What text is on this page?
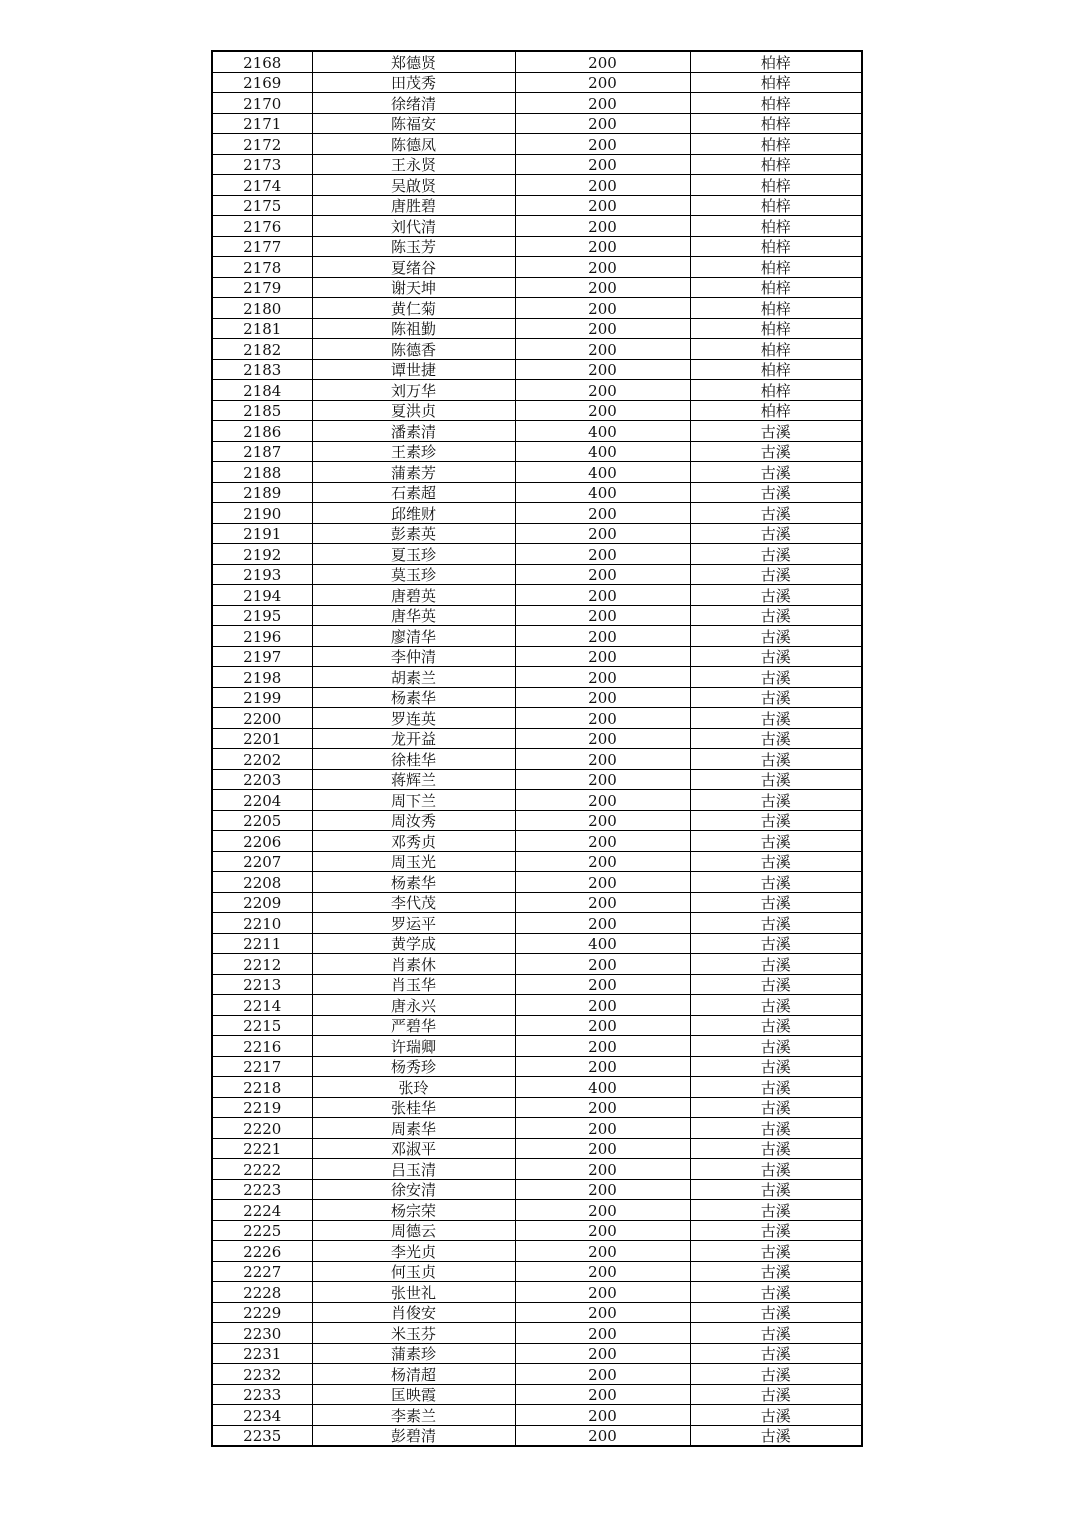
2168	郑德贤	200	柏梓
2169	田茂秀	200	柏梓
2170	徐绪清	200	柏梓
2171	陈福安	200	柏梓
2172	陈德凤	200	柏梓
2173	王永贤	200	柏梓
2174	吴啟贤	200	柏梓
2175	唐胜碧	200	柏梓
2176	刘代清	200	柏梓
2177	陈玉芳	200	柏梓
2178	夏绪谷	200	柏梓
2179	谢天坤	200	柏梓
2180	黄仁菊	200	柏梓
2181	陈祖勤	200	柏梓
2182	陈德香	200	柏梓
2183	谭世捷	200	柏梓
2184	刘万华	200	柏梓
2185	夏洪贞	200	柏梓
2186	潘素清	400	古溪
2187	王素珍	400	古溪
2188	蒲素芳	400	古溪
2189	石素超	400	古溪
2190	邱维财	200	古溪
2191	彭素英	200	古溪
2192	夏玉珍	200	古溪
2193	莫玉珍	200	古溪
2194	唐碧英	200	古溪
2195	唐华英	200	古溪
2196	廖清华	200	古溪
2197	李仲清	200	古溪
2198	胡素兰	200	古溪
2199	杨素华	200	古溪
2200	罗连英	200	古溪
2201	龙开益	200	古溪
2202	徐桂华	200	古溪
2203	蒋辉兰	200	古溪
2204	周下兰	200	古溪
2205	周汝秀	200	古溪
2206	邓秀贞	200	古溪
2207	周玉光	200	古溪
2208	杨素华	200	古溪
2209	李代茂	200	古溪
2210	罗运平	200	古溪
2211	黄学成	400	古溪
2212	肖素休	200	古溪
2213	肖玉华	200	古溪
2214	唐永兴	200	古溪
2215	严碧华	200	古溪
2216	许瑞卿	200	古溪
2217	杨秀珍	200	古溪
2218	张玲	400	古溪
2219	张桂华	200	古溪
2220	周素华	200	古溪
2221	邓淑平	200	古溪
2222	吕玉清	200	古溪
2223	徐安清	200	古溪
2224	杨宗荣	200	古溪
2225	周德云	200	古溪
2226	李光贞	200	古溪
2227	何玉贞	200	古溪
2228	张世礼	200	古溪
2229	肖俊安	200	古溪
2230	米玉芬	200	古溪
2231	蒲素珍	200	古溪
2232	杨清超	200	古溪
2233	匡映霞	200	古溪
2234	李素兰	200	古溪
2235	彭碧清	200	古溪
